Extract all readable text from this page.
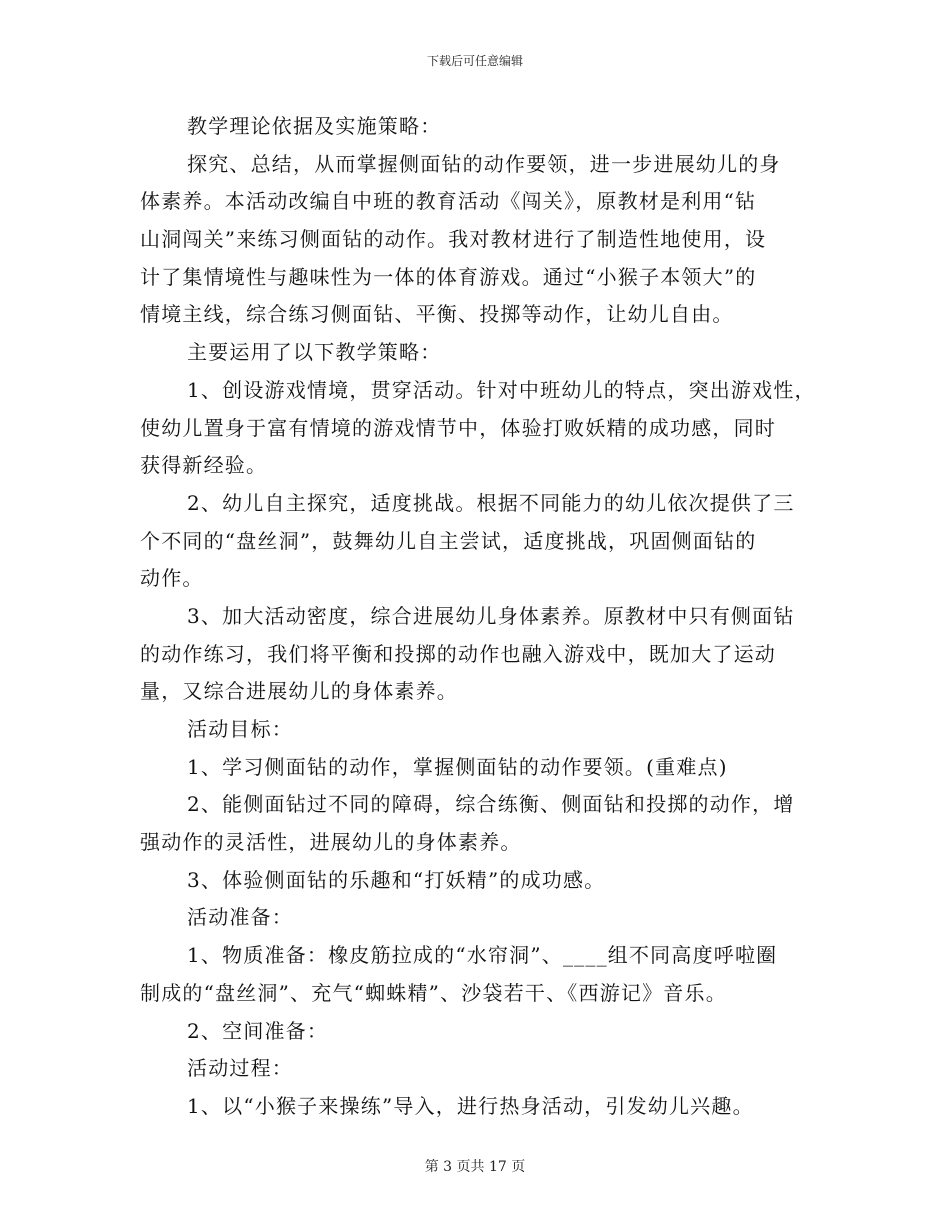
下载后可任意编辑
教学理论依据及实施策略：
探究、总结，从而掌握侧面钻的动作要领，进一步进展幼儿的身
体素养。本活动改编自中班的教育活动《闯关》，原教材是利用“钻
山洞闯关”来练习侧面钻的动作。我对教材进行了制造性地使用，设
计了集情境性与趣味性为一体的体育游戏。通过“小猴子本领大”的
情境主线，综合练习侧面钻、平衡、投掷等动作，让幼儿自由。
主要运用了以下教学策略：
1、创设游戏情境，贯穿活动。针对中班幼儿的特点，突出游戏性，
使幼儿置身于富有情境的游戏情节中，体验打败妖精的成功感，同时
获得新经验。
2、幼儿自主探究，适度挑战。根据不同能力的幼儿依次提供了三
个不同的“盘丝洞”，鼓舞幼儿自主尝试，适度挑战，巩固侧面钻的
动作。
3、加大活动密度，综合进展幼儿身体素养。原教材中只有侧面钻
的动作练习，我们将平衡和投掷的动作也融入游戏中，既加大了运动
量，又综合进展幼儿的身体素养。
活动目标：
1、学习侧面钻的动作，掌握侧面钻的动作要领。(重难点)
2、能侧面钻过不同的障碍，综合练衡、侧面钻和投掷的动作，增
强动作的灵活性，进展幼儿的身体素养。
3、体验侧面钻的乐趣和“打妖精”的成功感。
活动准备：
1、物质准备：橡皮筋拉成的“水帘洞”、____组不同高度呼啦圈
制成的“盘丝洞”、充气“蜘蛛精”、沙袋若干、《西游记》音乐。
2、空间准备：
活动过程：
1、以“小猴子来操练”导入，进行热身活动，引发幼儿兴趣。
第 3 页共 17 页
